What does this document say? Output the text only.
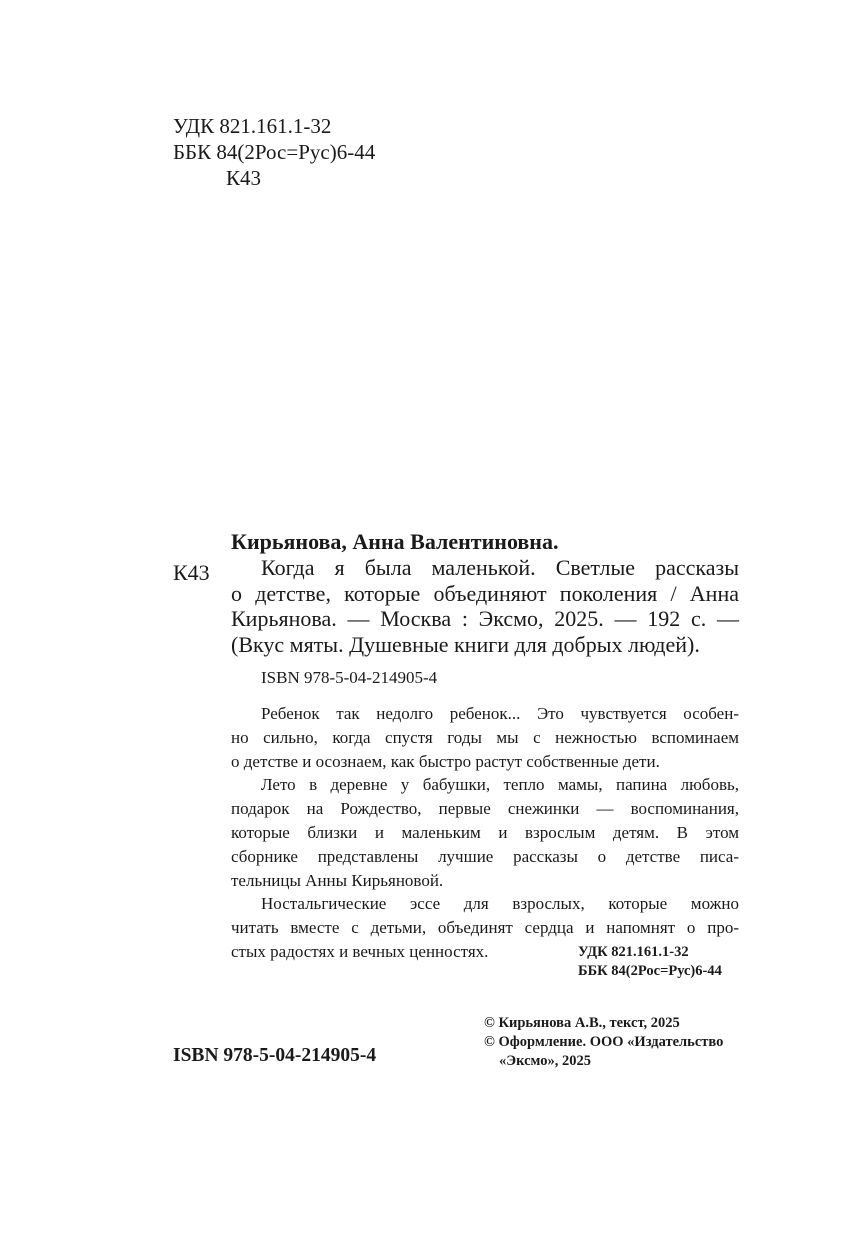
УДК 821.161.1-32
ББК 84(2Рос=Рус)6-44
К43
Кирьянова, Анна Валентиновна.
К43	Когда я была маленькой. Светлые рассказы
о детстве, которые объединяют поколения / Анна
Кирьянова. — Москва : Эксмо, 2025. — 192 с. —
(Вкус мяты. Душевные книги для добрых людей).
ISBN 978-5-04-214905-4
Ребенок так недолго ребенок... Это чувствуется особен-
но сильно, когда спустя годы мы с нежностью вспоминаем
о детстве и осознаем, как быстро растут собственные дети.
Лето в деревне у бабушки, тепло мамы, папина любовь,
подарок на Рождество, первые снежинки — воспоминания,
которые близки и маленьким и взрослым детям. В этом
сборнике представлены лучшие рассказы о детстве писа-
тельницы Анны Кирьяновой.
Ностальгические эссе для взрослых, которые можно
читать вместе с детьми, объединят сердца и напомнят о про-
стых радостях и вечных ценностях.	УДК 821.161.1-32
ББК 84(2Рос=Рус)6-44
© Кирьянова А.В., текст, 2025
© Оформление. ООО «Издательство
«Эксмо», 2025
ISBN 978-5-04-214905-4
